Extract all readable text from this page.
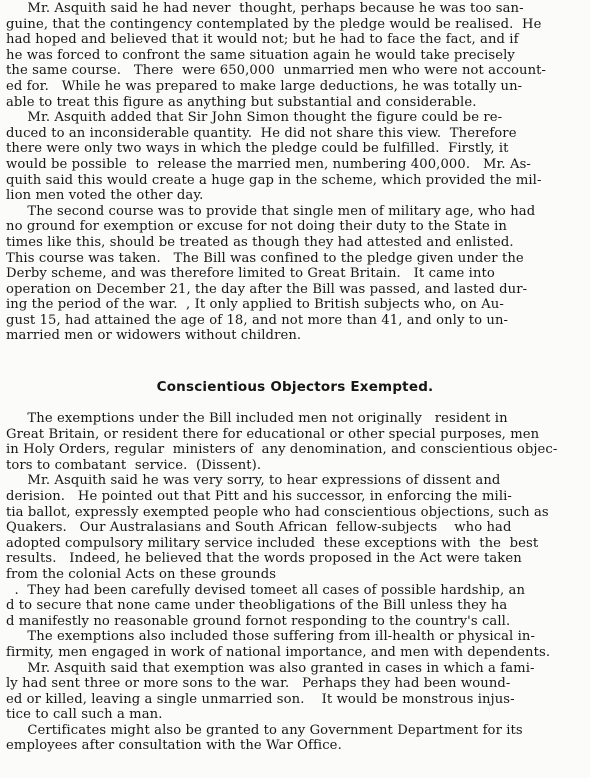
Mr. Asquith said he had never  thought, perhaps because he was too san-
guine, that the contingency contemplated by the pledge would be realised.  He
had hoped and believed that it would not; but he had to face the fact, and if
he was forced to confront the same situation again he would take precisely
the same course.   There  were 650,000  unmarried men who were not account-
ed for.   While he was prepared to make large deductions, he was totally un-
able to treat this figure as anything but substantial and considerable.
Mr. Asquith added that Sir John Simon thought the figure could be re-
duced to an inconsiderable quantity.  He did not share this view.  Therefore
there were only two ways in which the pledge could be fulfilled.  Firstly, it
would be possible  to  release the married men, numbering 400,000.   Mr. As-
quith said this would create a huge gap in the scheme, which provided the mil-
lion men voted the other day.
The second course was to provide that single men of military age, who had
no ground for exemption or excuse for not doing their duty to the State in
times like this, should be treated as though they had attested and enlisted.
This course was taken.   The Bill was confined to the pledge given under the
Derby scheme, and was therefore limited to Great Britain.   It came into
operation on December 21, the day after the Bill was passed, and lasted dur-
ing the period of the war.  , It only applied to British subjects who, on Au-
gust 15, had attained the age of 18, and not more than 41, and only to un-
married men or widowers without children.
Conscientious Objectors Exempted.
The exemptions under the Bill included men not originally   resident in
Great Britain, or resident there for educational or other special purposes, men
in Holy Orders, regular  ministers of  any denomination, and conscientious objec-
tors to combatant  service.  (Dissent).
Mr. Asquith said he was very sorry, to hear expressions of dissent and
derision.   He pointed out that Pitt and his successor, in enforcing the mili-
tia ballot, expressly exempted people who had conscientious objections, such as
Quakers.   Our Australasians and South African  fellow-subjects    who had
adopted compulsory military service included  these exceptions with  the  best
results.   Indeed, he believed that the words proposed in the Act were taken
from the colonial Acts on these grounds
.  They had been carefully devised tomeet all cases of possible hardship, an
d to secure that none came under theobligations of the Bill unless they ha
d manifestly no reasonable ground fornot responding to the country's call.
The exemptions also included those suffering from ill-health or physical in-
firmity, men engaged in work of national importance, and men with dependents.
Mr. Asquith said that exemption was also granted in cases in which a fami-
ly had sent three or more sons to the war.   Perhaps they had been wound-
ed or killed, leaving a single unmarried son.    It would be monstrous injus-
tice to call such a man.
Certificates might also be granted to any Government Department for its
employees after consultation with the War Office.
